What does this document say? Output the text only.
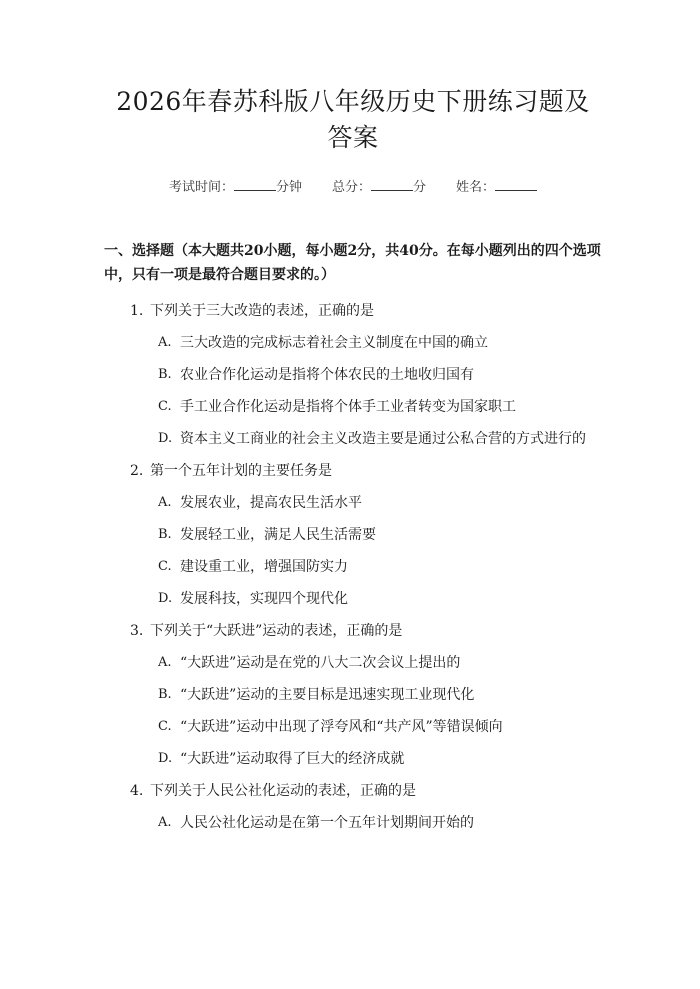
2026年春苏科版八年级历史下册练习题及答案
考试时间：	分钟 总分：	分 姓名：
一、选择题（本大题共20小题，每小题2分，共40分。在每小题列出的四个选项中，只有一项是最符合题目要求的。）
1. 下列关于三大改造的表述，正确的是
A. 三大改造的完成标志着社会主义制度在中国的确立
B. 农业合作化运动是指将个体农民的土地收归国有
C. 手工业合作化运动是指将个体手工业者转变为国家职工
D. 资本主义工商业的社会主义改造主要是通过公私合营的方式进行的
2. 第一个五年计划的主要任务是
A. 发展农业，提高农民生活水平
B. 发展轻工业，满足人民生活需要
C. 建设重工业，增强国防实力
D. 发展科技，实现四个现代化
3. 下列关于“大跃进”运动的表述，正确的是
A. “大跃进”运动是在党的八大二次会议上提出的
B. “大跃进”运动的主要目标是迅速实现工业现代化
C. “大跃进”运动中出现了浮夸风和“共产风”等错误倾向
D. “大跃进”运动取得了巨大的经济成就
4. 下列关于人民公社化运动的表述，正确的是
A. 人民公社化运动是在第一个五年计划期间开始的
